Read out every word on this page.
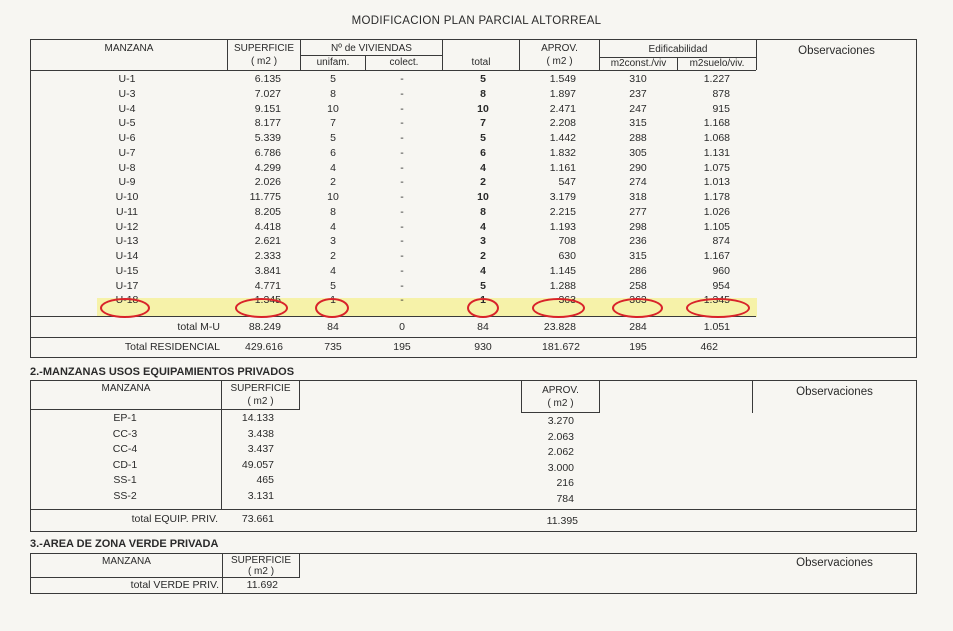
MODIFICACION PLAN PARCIAL ALTORREAL
MANZANA	SUPERFICIE
( m2 )
Nº de VIVIENDAS
unifam.	colect.	total
APROV.
( m2 )
Edificabilidad
m2const./viv	m2suelo/viv.
Observaciones
U-1	6.135	5	-	5	1.549	310	1.227
U-3	7.027	8	-	8	1.897	237	878
U-4	9.151	10	-	10	2.471	247	915
U-5	8.177	7	-	7	2.208	315	1.168
U-6	5.339	5	-	5	1.442	288	1.068
U-7	6.786	6	-	6	1.832	305	1.131
U-8	4.299	4	-	4	1.161	290	1.075
U-9	2.026	2	-	2	547	274	1.013
U-10	11.775	10	-	10	3.179	318	1.178
U-11	8.205	8	-	8	2.215	277	1.026
U-12	4.418	4	-	4	1.193	298	1.105
U-13	2.621	3	-	3	708	236	874
U-14	2.333	2	-	2	630	315	1.167
U-15	3.841	4	-	4	1.145	286	960
U-17	4.771	5	-	5	1.288	258	954
U-18	1.345	1	-	1	363	363	1.345
total M-U	88.249	84	0	84	23.828	284	1.051
Total RESIDENCIAL	429.616	735	195	930	181.672	195	462
2.-MANZANAS USOS EQUIPAMIENTOS PRIVADOS
MANZANA	SUPERFICIE
( m2 )
APROV.
( m2 )
Observaciones
EP-1	14.133	3.270
CC-3	3.438	2.063
CC-4	3.437	2.062
CD-1	49.057	3.000
SS-1	465	216
SS-2	3.131	784
total EQUIP. PRIV.	73.661	11.395
3.-AREA DE ZONA VERDE PRIVADA
MANZANA	SUPERFICIE
( m2 )
Observaciones
total VERDE PRIV.	11.692
